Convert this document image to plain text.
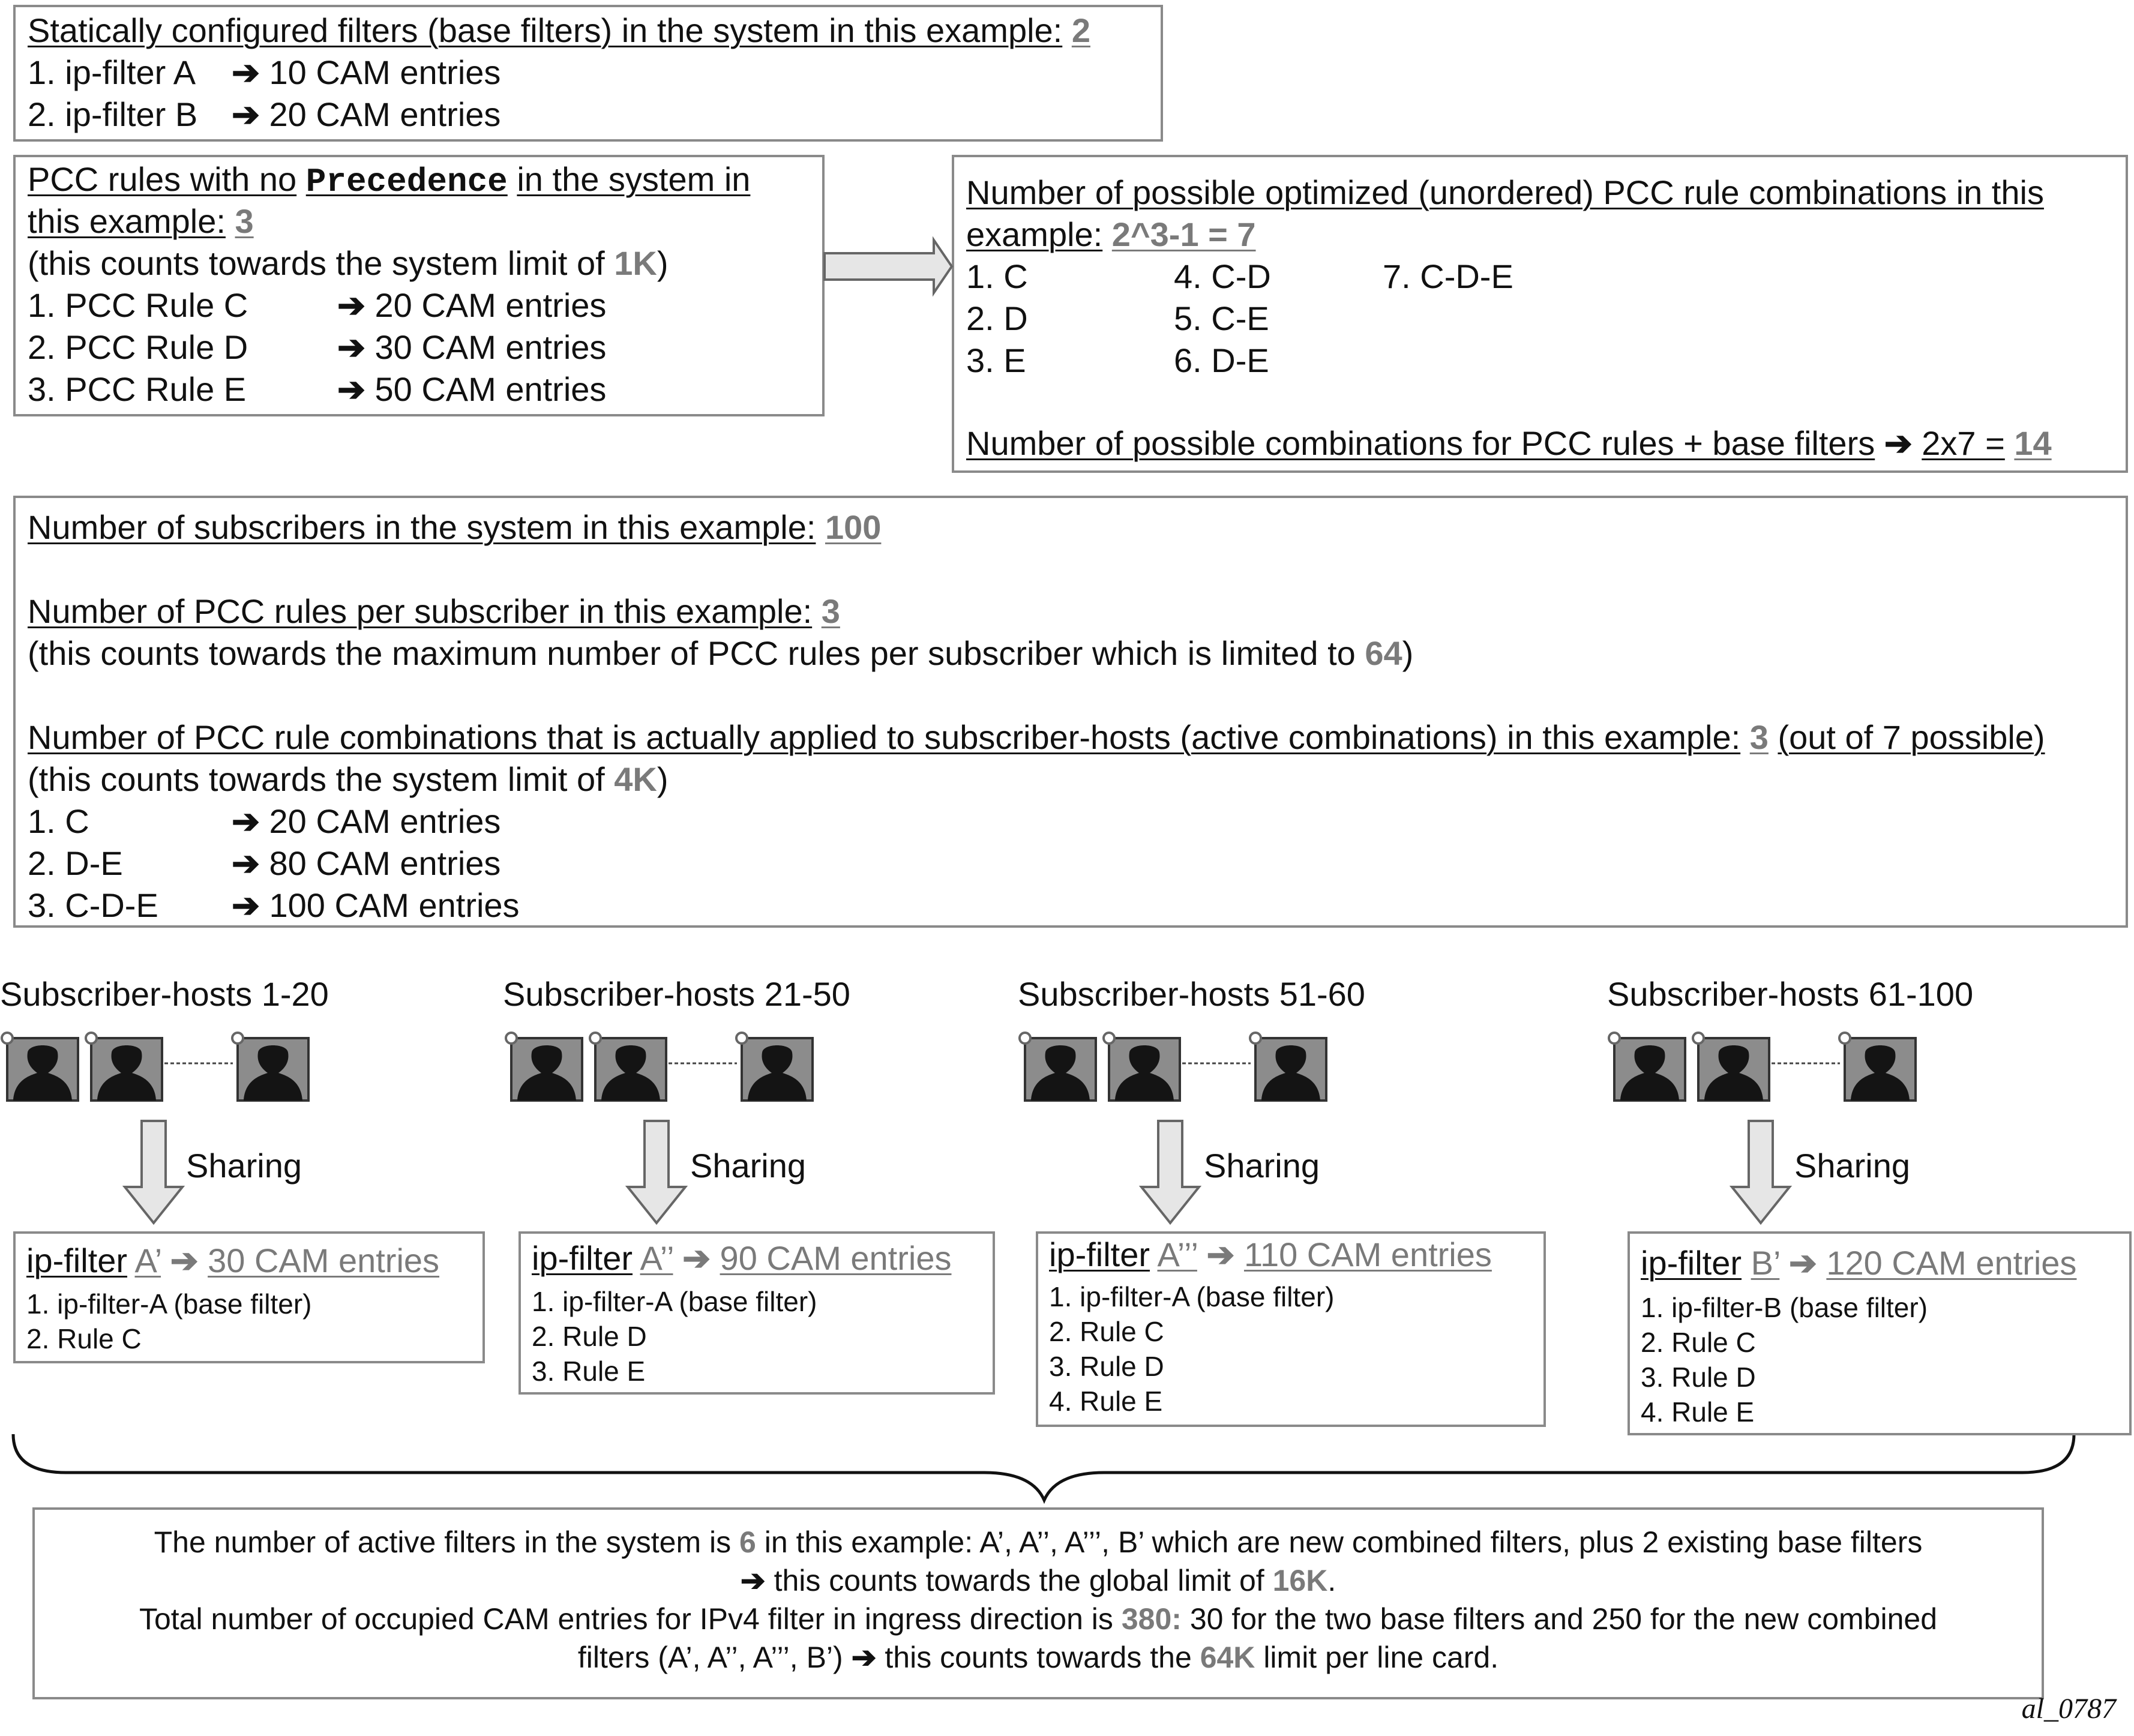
Statically configured filters (base filters) in the system in this example: 2
1. ip-filter A ➔ 10 CAM entries
2. ip-filter B ➔ 20 CAM entries
PCC rules with no Precedence in the system in
this example: 3
(this counts towards the system limit of 1K)
1. PCC Rule C	➔ 20 CAM entries
2. PCC Rule D	➔ 30 CAM entries
3. PCC Rule E	➔ 50 CAM entries
Number of possible optimized (unordered) PCC rule combinations in this
example: 2^3-1 = 7
1. C
2. D
3. E
4. C-D
5. C-E
6. D-E
7. C-D-E
Number of possible combinations for PCC rules + base filters ➔ 2x7 = 14
Number of subscribers in the system in this example: 100
Number of PCC rules per subscriber in this example: 3
(this counts towards the maximum number of PCC rules per subscriber which is limited to 64)
Number of PCC rule combinations that is actually applied to subscriber-hosts (active combinations) in this example: 3 (out of 7 possible)
(this counts towards the system limit of 4K)
1. C	➔ 20 CAM entries
2. D-E	➔ 80 CAM entries
3. C-D-E ➔ 100 CAM entries
Subscriber-hosts 1-20	Subscriber-hosts 21-50	Subscriber-hosts 51-60	Subscriber-hosts 61-100
Sharing	Sharing	Sharing	Sharing
ip-filter A’ ➔ 30 CAM entries
1. ip-filter-A (base filter)
2. Rule C
ip-filter A’’ ➔ 90 CAM entries
1. ip-filter-A (base filter)
2. Rule D
3. Rule E
ip-filter A’’’ ➔ 110 CAM entries
1. ip-filter-A (base filter)
2. Rule C
3. Rule D
4. Rule E
ip-filter B’ ➔ 120 CAM entries
1. ip-filter-B (base filter)
2. Rule C
3. Rule D
4. Rule E
The number of active filters in the system is 6 in this example: A’, A’’, A’’’, B’ which are new combined filters, plus 2 existing base filters
➔ this counts towards the global limit of 16K.
Total number of occupied CAM entries for IPv4 filter in ingress direction is 380: 30 for the two base filters and 250 for the new combined
filters (A’, A’’, A’’’, B’) ➔ this counts towards the 64K limit per line card.
al_0787
